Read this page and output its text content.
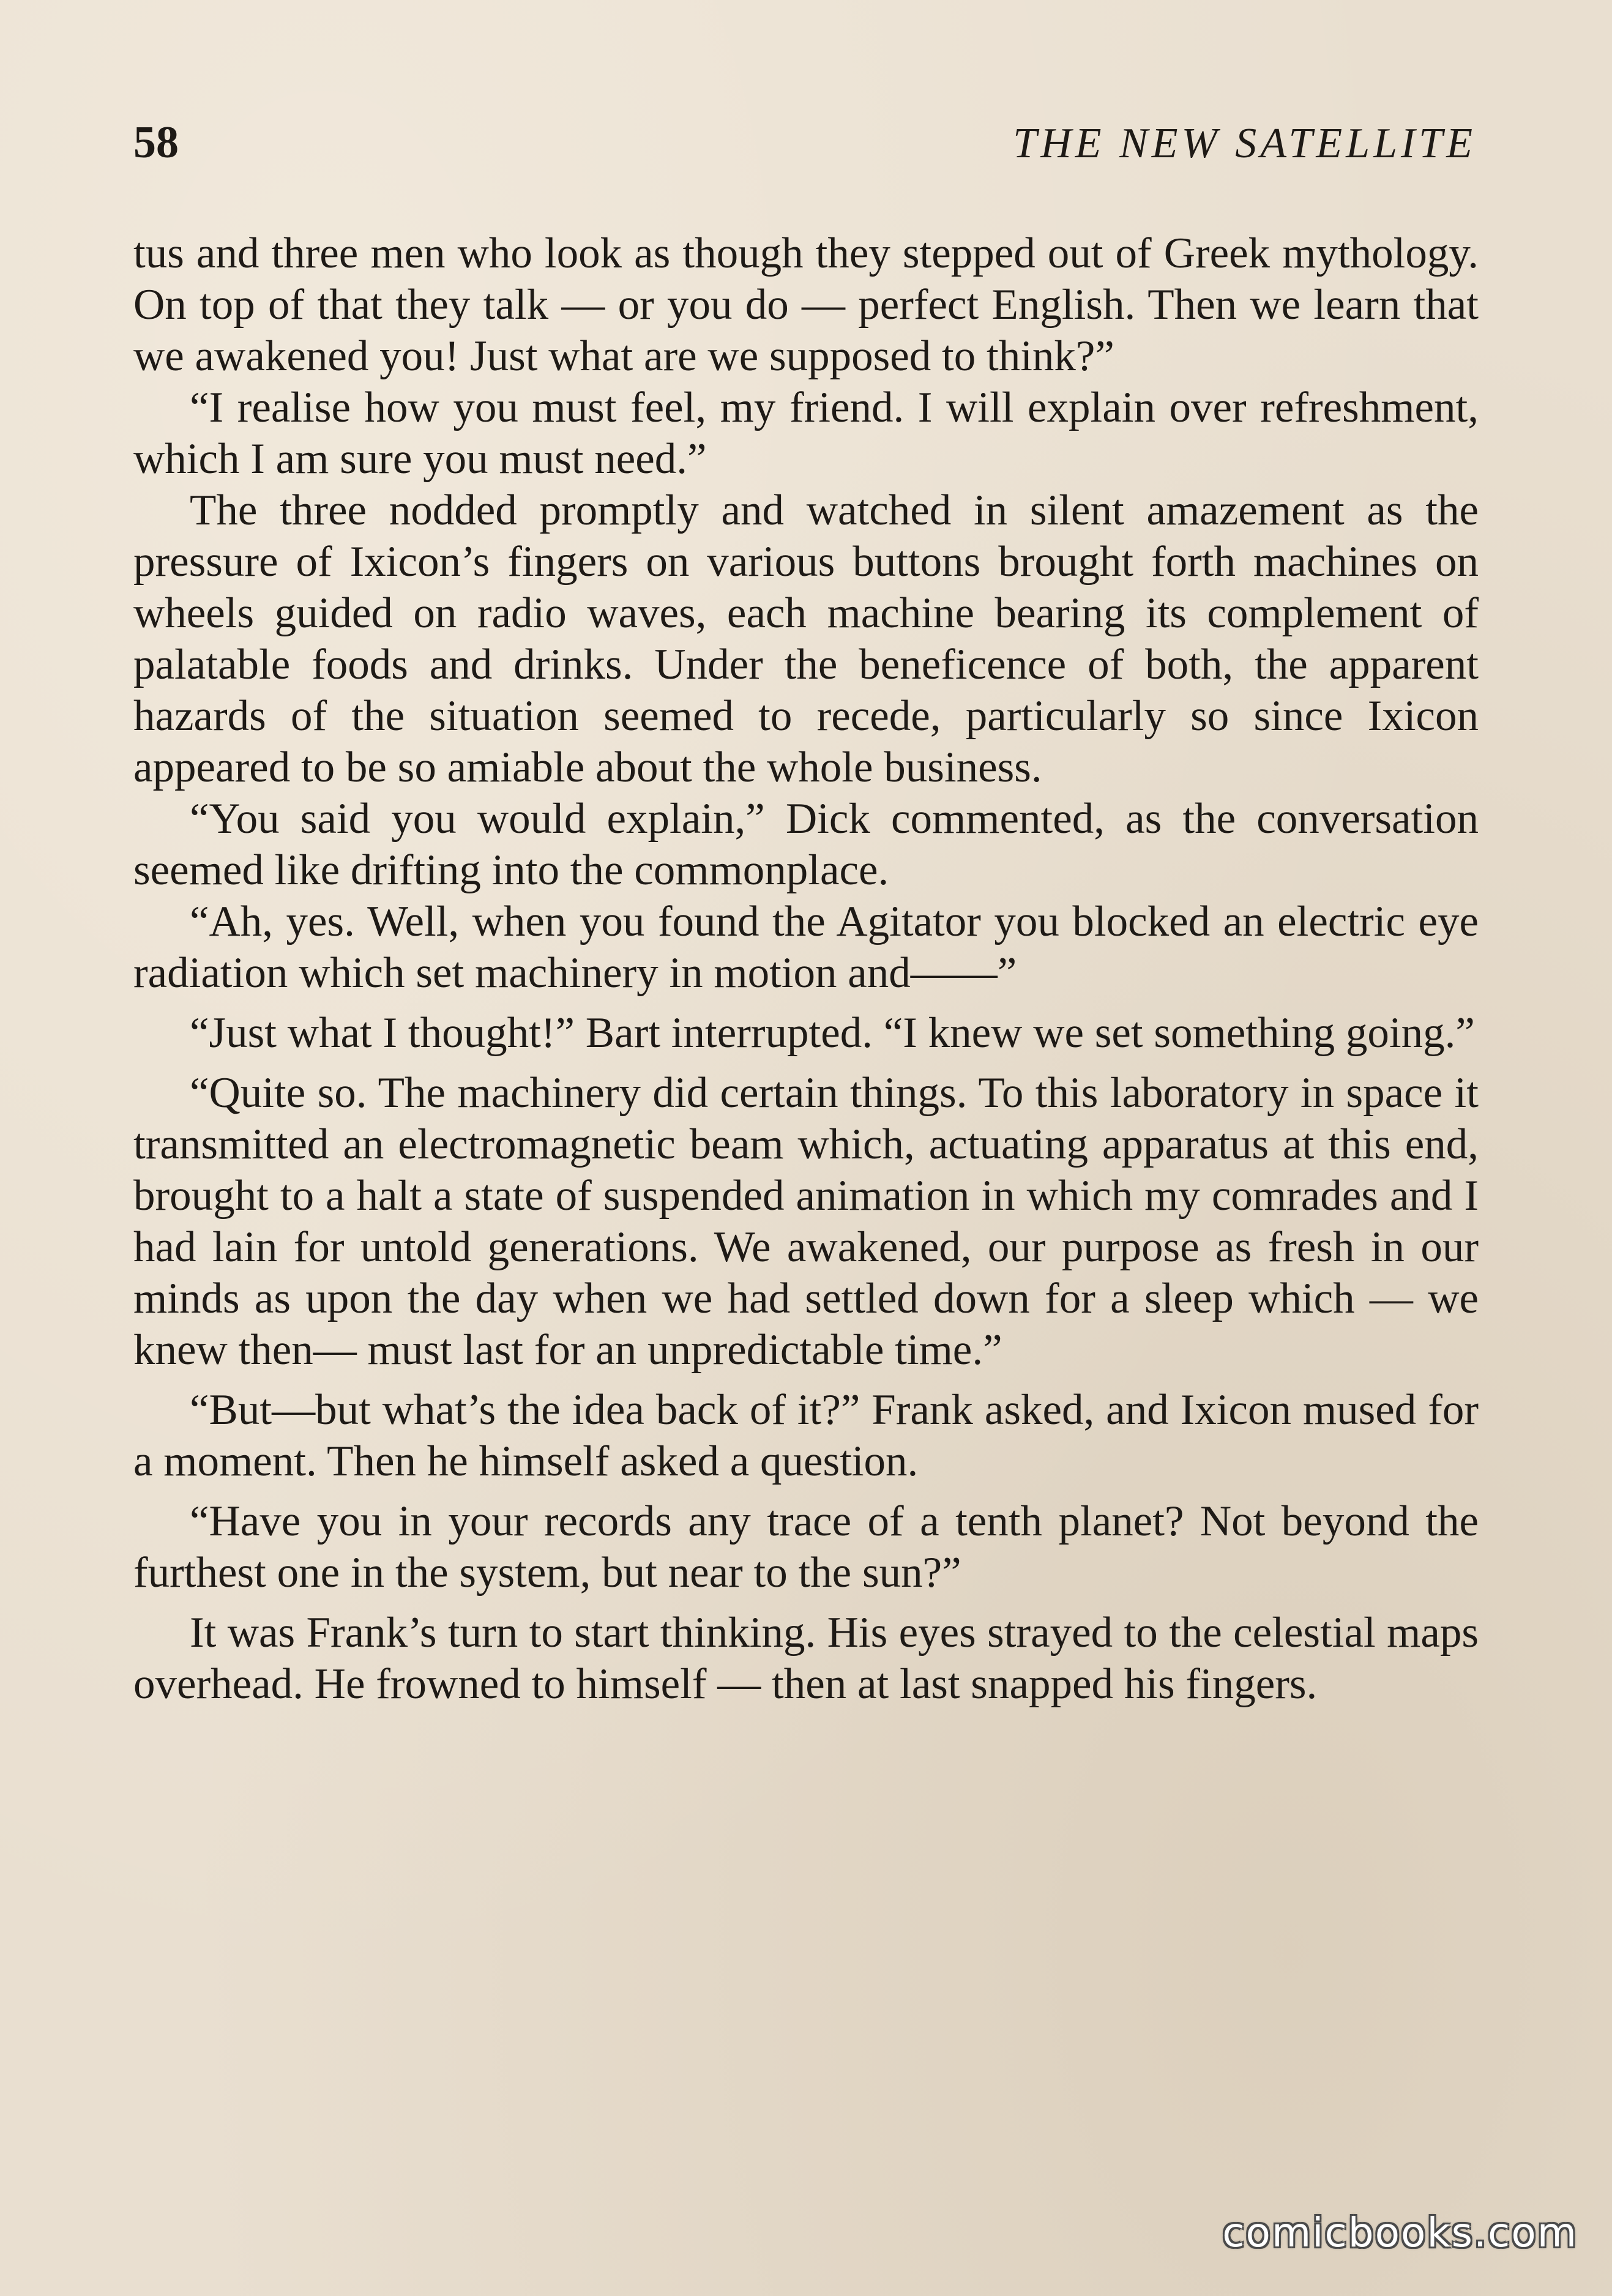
58	THE NEW SATELLITE

tus and three men who look as though they stepped out of Greek mythology. On top of that they talk — or you do — perfect English. Then we learn that we awakened you! Just what are we supposed to think?”

“I realise how you must feel, my friend. I will explain over refreshment, which I am sure you must need.”

The three nodded promptly and watched in silent amazement as the pressure of Ixicon’s fingers on various buttons brought forth machines on wheels guided on radio waves, each machine bearing its complement of palatable foods and drinks. Under the beneficence of both, the apparent hazards of the situation seemed to recede, particularly so since Ixicon appeared to be so amiable about the whole business.

“You said you would explain,” Dick commented, as the conversation seemed like drifting into the commonplace.

“Ah, yes. Well, when you found the Agitator you blocked an electric eye radiation which set machinery in motion and——”

“Just what I thought!” Bart interrupted. “I knew we set something going.”

“Quite so. The machinery did certain things. To this laboratory in space it transmitted an electromagnetic beam which, actuating apparatus at this end, brought to a halt a state of suspended animation in which my comrades and I had lain for untold generations. We awakened, our purpose as fresh in our minds as upon the day when we had settled down for a sleep which — we knew then— must last for an unpredictable time.”

“But—but what’s the idea back of it?” Frank asked, and Ixicon mused for a moment. Then he himself asked a question.

“Have you in your records any trace of a tenth planet? Not beyond the furthest one in the system, but near to the sun?”

It was Frank’s turn to start thinking. His eyes strayed to the celestial maps overhead. He frowned to himself — then at last snapped his fingers.

comicbooks.com
